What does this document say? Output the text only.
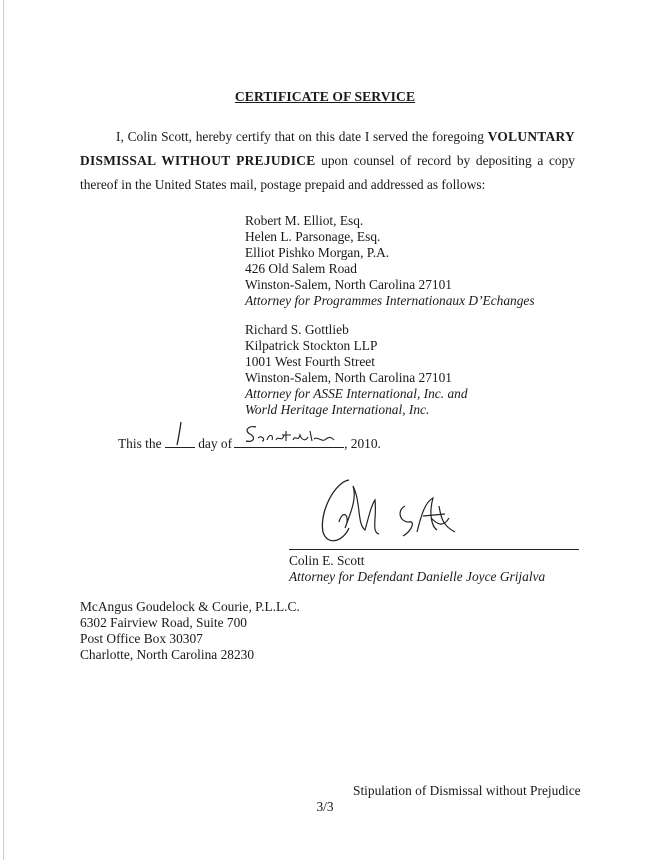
CERTIFICATE OF SERVICE
I, Colin Scott, hereby certify that on this date I served the foregoing VOLUNTARY DISMISSAL WITHOUT PREJUDICE upon counsel of record by depositing a copy thereof in the United States mail, postage prepaid and addressed as follows:
Robert M. Elliot, Esq.
Helen L. Parsonage, Esq.
Elliot Pishko Morgan, P.A.
426 Old Salem Road
Winston-Salem, North Carolina 27101
Attorney for Programmes Internationaux D’Echanges
Richard S. Gottlieb
Kilpatrick Stockton LLP
1001 West Fourth Street
Winston-Salem, North Carolina 27101
Attorney for ASSE International, Inc. and
World Heritage International, Inc.
This the	day of	, 2010.
Colin E. Scott
Attorney for Defendant Danielle Joyce Grijalva
McAngus Goudelock & Courie, P.L.L.C.
6302 Fairview Road, Suite 700
Post Office Box 30307
Charlotte, North Carolina 28230
Stipulation of Dismissal without Prejudice
3/3
